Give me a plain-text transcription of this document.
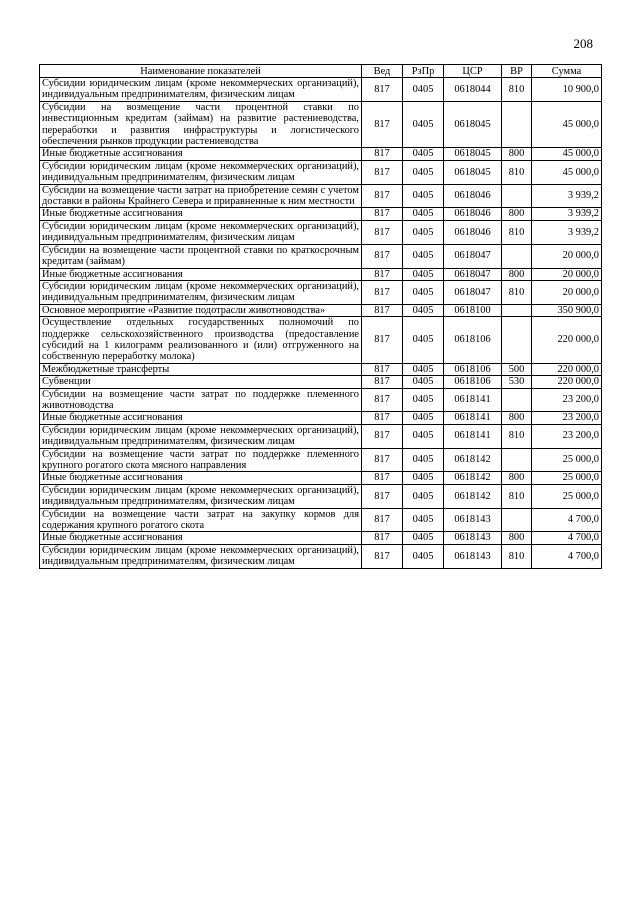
208
Наименование показателей	Вед	РзПр	ЦСР	ВР	Сумма
Субсидии юридическим лицам (кроме некоммерческих организаций), индивидуальным предпринимателям, физическим лицам	817	0405	0618044	810	10 900,0
Субсидии на возмещение части процентной ставки по инвестиционным кредитам (займам) на развитие растениеводства, переработки и развития инфраструктуры и логистического обеспечения рынков продукции растениеводства	817	0405	0618045		45 000,0
Иные бюджетные ассигнования	817	0405	0618045	800	45 000,0
Субсидии юридическим лицам (кроме некоммерческих организаций), индивидуальным предпринимателям, физическим лицам	817	0405	0618045	810	45 000,0
Субсидии на возмещение части затрат на приобретение семян с учетом доставки в районы Крайнего Севера и приравненные к ним местности	817	0405	0618046		3 939,2
Иные бюджетные ассигнования	817	0405	0618046	800	3 939,2
Субсидии юридическим лицам (кроме некоммерческих организаций), индивидуальным предпринимателям, физическим лицам	817	0405	0618046	810	3 939,2
Субсидии на возмещение части процентной ставки по краткосрочным кредитам (займам)	817	0405	0618047		20 000,0
Иные бюджетные ассигнования	817	0405	0618047	800	20 000,0
Субсидии юридическим лицам (кроме некоммерческих организаций), индивидуальным предпринимателям, физическим лицам	817	0405	0618047	810	20 000,0
Основное мероприятие «Развитие подотрасли животноводства»	817	0405	0618100		350 900,0
Осуществление отдельных государственных полномочий по поддержке сельскохозяйственного производства (предоставление субсидий на 1 килограмм реализованного и (или) отгруженного на собственную переработку молока)	817	0405	0618106		220 000,0
Межбюджетные трансферты	817	0405	0618106	500	220 000,0
Субвенции	817	0405	0618106	530	220 000,0
Субсидии на возмещение части затрат по поддержке племенного животноводства	817	0405	0618141		23 200,0
Иные бюджетные ассигнования	817	0405	0618141	800	23 200,0
Субсидии юридическим лицам (кроме некоммерческих организаций), индивидуальным предпринимателям, физическим лицам	817	0405	0618141	810	23 200,0
Субсидии на возмещение части затрат по поддержке племенного крупного рогатого скота мясного направления	817	0405	0618142		25 000,0
Иные бюджетные ассигнования	817	0405	0618142	800	25 000,0
Субсидии юридическим лицам (кроме некоммерческих организаций), индивидуальным предпринимателям, физическим лицам	817	0405	0618142	810	25 000,0
Субсидии на возмещение части затрат на закупку кормов для содержания крупного рогатого скота	817	0405	0618143		4 700,0
Иные бюджетные ассигнования	817	0405	0618143	800	4 700,0
Субсидии юридическим лицам (кроме некоммерческих организаций), индивидуальным предпринимателям, физическим лицам	817	0405	0618143	810	4 700,0
